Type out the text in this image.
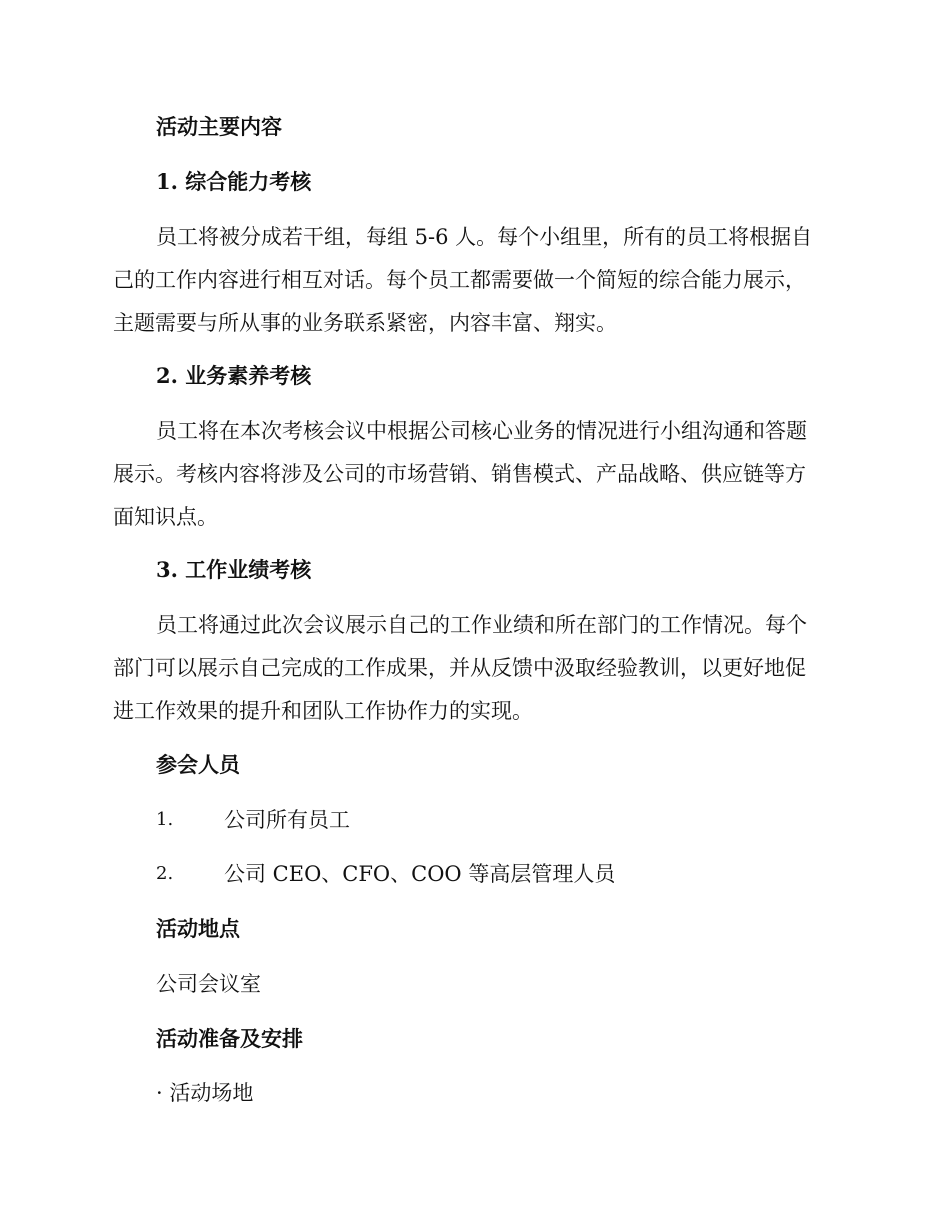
活动主要内容
1. 综合能力考核
员工将被分成若干组，每组 5-6 人。每个小组里，所有的员工将根据自
己的工作内容进行相互对话。每个员工都需要做一个简短的综合能力展示，
主题需要与所从事的业务联系紧密，内容丰富、翔实。
2. 业务素养考核
员工将在本次考核会议中根据公司核心业务的情况进行小组沟通和答题
展示。考核内容将涉及公司的市场营销、销售模式、产品战略、供应链等方
面知识点。
3. 工作业绩考核
员工将通过此次会议展示自己的工作业绩和所在部门的工作情况。每个
部门可以展示自己完成的工作成果，并从反馈中汲取经验教训，以更好地促
进工作效果的提升和团队工作协作力的实现。
参会人员
1. 公司所有员工
2. 公司 CEO、CFO、COO 等高层管理人员
活动地点
公司会议室
活动准备及安排
· 活动场地
